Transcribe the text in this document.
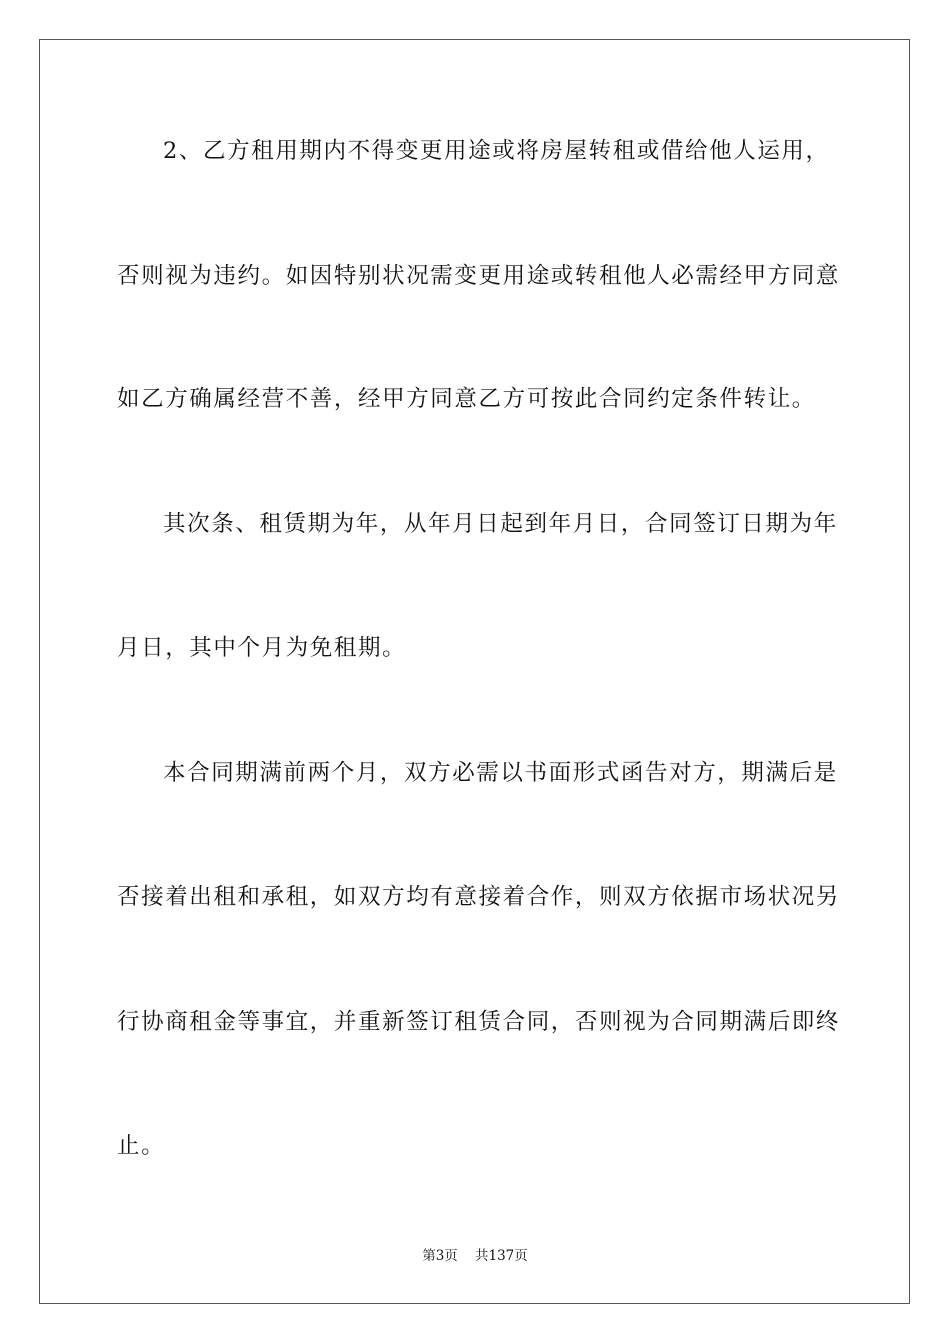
2、乙方租用期内不得变更用途或将房屋转租或借给他人运用，
否则视为违约。如因特别状况需变更用途或转租他人必需经甲方同意
如乙方确属经营不善，经甲方同意乙方可按此合同约定条件转让。
其次条、租赁期为年，从年月日起到年月日，合同签订日期为年
月日，其中个月为免租期。
本合同期满前两个月，双方必需以书面形式函告对方，期满后是
否接着出租和承租，如双方均有意接着合作，则双方依据市场状况另
行协商租金等事宜，并重新签订租赁合同，否则视为合同期满后即终
止。
第3页 共137页
